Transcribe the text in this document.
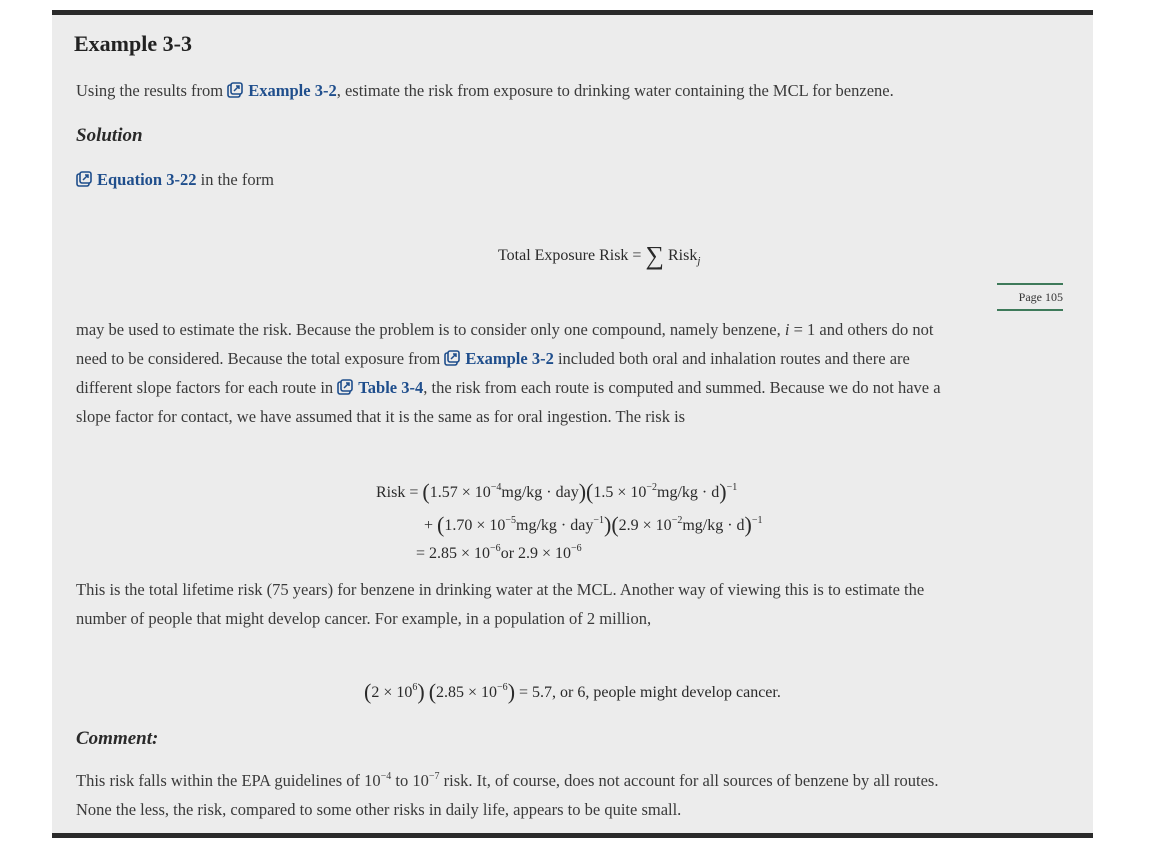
Example 3-3
Using the results from Example 3-2, estimate the risk from exposure to drinking water containing the MCL for benzene.
Solution
Equation 3-22 in the form
Total Exposure Risk = ∑ Risk$_j$
Page 105
may be used to estimate the risk. Because the problem is to consider only one compound, namely benzene, i = 1 and others do not
need to be considered. Because the total exposure from Example 3-2 included both oral and inhalation routes and there are
different slope factors for each route in Table 3-4, the risk from each route is computed and summed. Because we do not have a
slope factor for contact, we have assumed that it is the same as for oral ingestion. The risk is
Risk = $(1.57 \times 10^{-4}mg/kg \cdot day)(1.5 \times 10^{-2}mg/kg \cdot d)^{-1}$
+ $(1.70 \times 10^{-5}mg/kg \cdot day^{-1})(2.9 \times 10^{-2}mg/kg \cdot d)^{-1}$
= $2.85 \times 10^{-6}or$ $2.9 \times 10^{-6}$
This is the total lifetime risk (75 years) for benzene in drinking water at the MCL. Another way of viewing this is to estimate the
number of people that might develop cancer. For example, in a population of 2 million,
$(2 \times 10^6)$ $(2.85 \times 10^{-6}) = 5.7$, or 6, people might develop cancer.
Comment:
This risk falls within the EPA guidelines of $10^{-4}$ to $10^{-7}$ risk. It, of course, does not account for all sources of benzene by all routes.
None the less, the risk, compared to some other risks in daily life, appears to be quite small.
